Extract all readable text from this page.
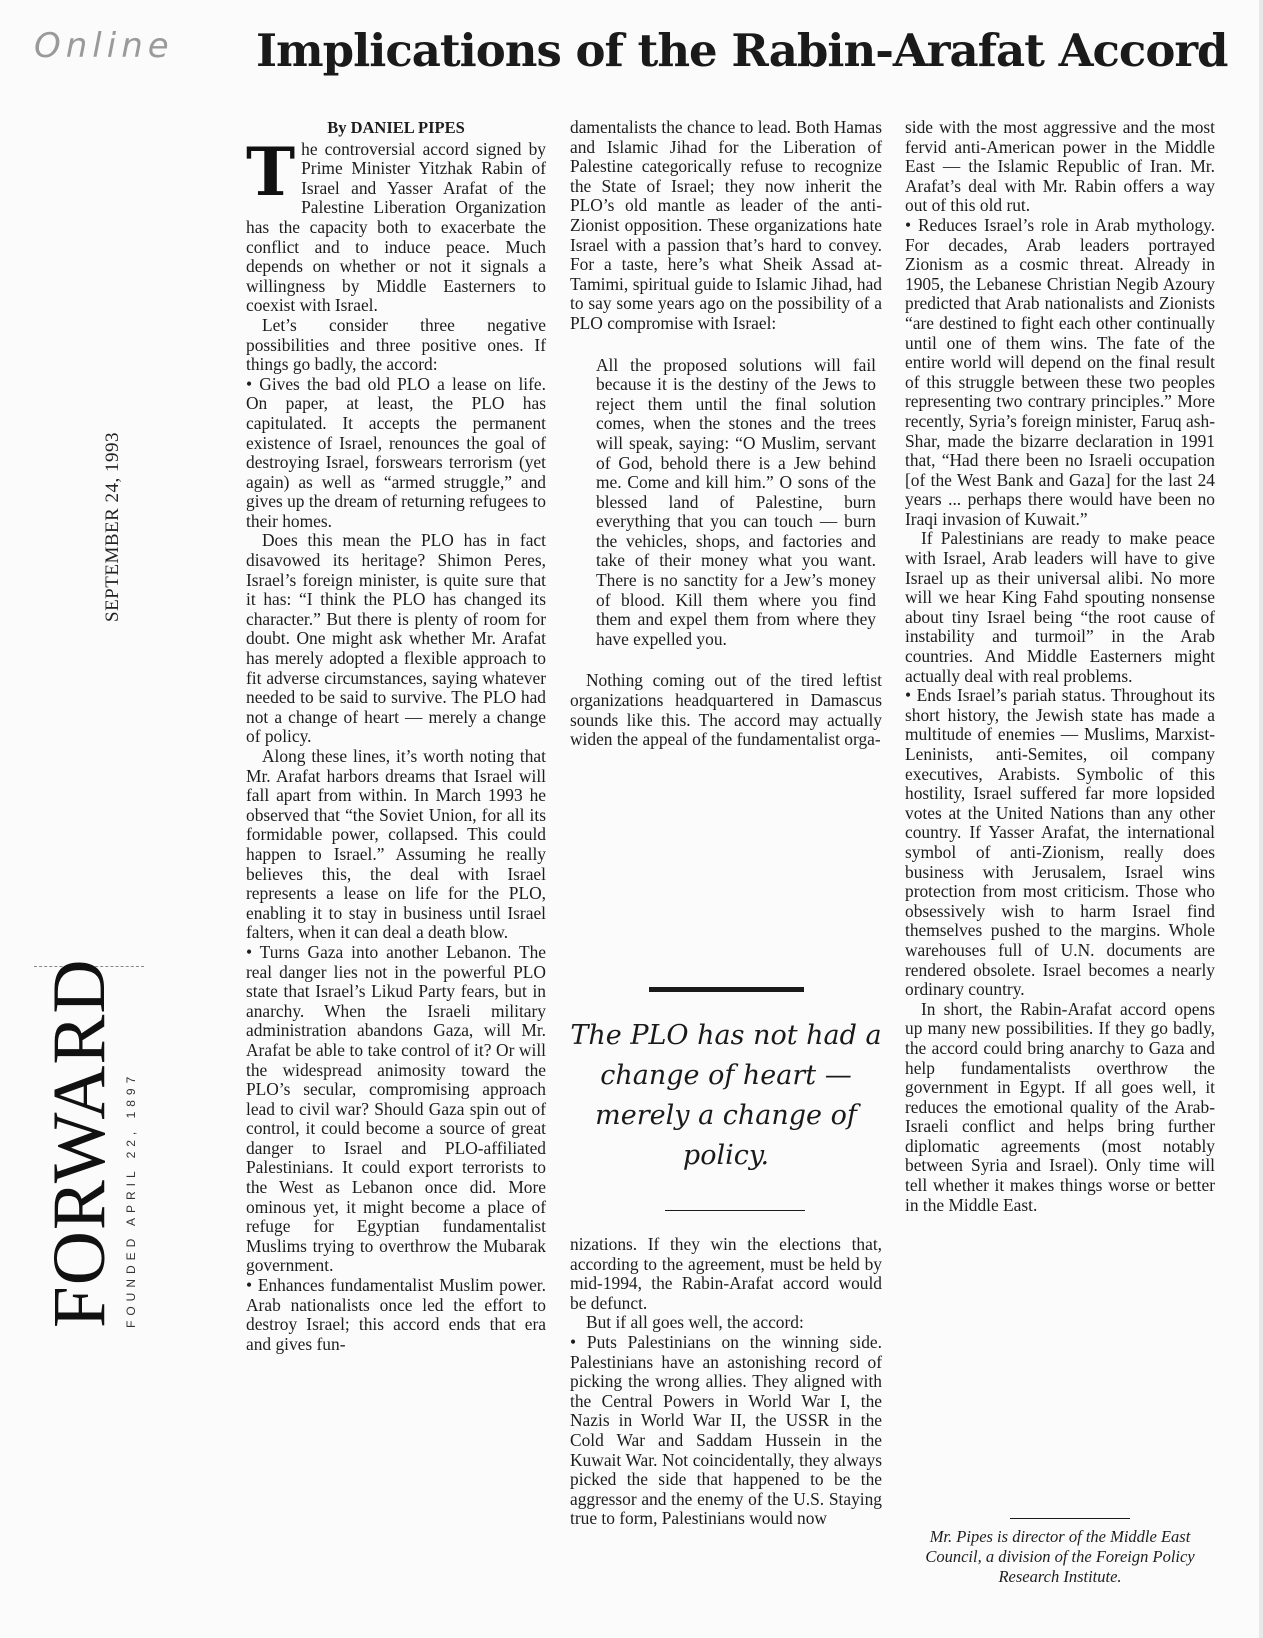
Online Implications of the Rabin-Arafat Accord
SEPTEMBER 24, 1993
FORWARD FOUNDED APRIL 22, 1897
By DANIEL PIPES

The controversial accord signed by Prime Minister Yitzhak Rabin of Israel and Yasser Arafat of the Palestine Liberation Organization has the capacity both to exacerbate the conflict and to induce peace. Much depends on whether or not it signals a willingness by Middle Easterners to coexist with Israel.

Let’s consider three negative possibilities and three positive ones. If things go badly, the accord:

• Gives the bad old PLO a lease on life. On paper, at least, the PLO has capitulated. It accepts the permanent existence of Israel, renounces the goal of destroying Israel, forswears terrorism (yet again) as well as “armed struggle,” and gives up the dream of returning refugees to their homes.

Does this mean the PLO has in fact disavowed its heritage? Shimon Peres, Israel’s foreign minister, is quite sure that it has: “I think the PLO has changed its character.” But there is plenty of room for doubt. One might ask whether Mr. Arafat has merely adopted a flexible approach to fit adverse circumstances, saying whatever needed to be said to survive. The PLO had not a change of heart — merely a change of policy.

Along these lines, it’s worth noting that Mr. Arafat harbors dreams that Israel will fall apart from within. In March 1993 he observed that “the Soviet Union, for all its formidable power, collapsed. This could happen to Israel.” Assuming he really believes this, the deal with Israel represents a lease on life for the PLO, enabling it to stay in business until Israel falters, when it can deal a death blow.

• Turns Gaza into another Lebanon. The real danger lies not in the powerful PLO state that Israel’s Likud Party fears, but in anarchy. When the Israeli military administration abandons Gaza, will Mr. Arafat be able to take control of it? Or will the widespread animosity toward the PLO’s secular, compromising approach lead to civil war? Should Gaza spin out of control, it could become a source of great danger to Israel and PLO-affiliated Palestinians. It could export terrorists to the West as Lebanon once did. More ominous yet, it might become a place of refuge for Egyptian fundamentalist Muslims trying to overthrow the Mubarak government.

• Enhances fundamentalist Muslim power. Arab nationalists once led the effort to destroy Israel; this accord ends that era and gives fun-

damentalists the chance to lead. Both Hamas and Islamic Jihad for the Liberation of Palestine categorically refuse to recognize the State of Israel; they now inherit the PLO’s old mantle as leader of the anti-Zionist opposition. These organizations hate Israel with a passion that’s hard to convey. For a taste, here’s what Sheik Assad at-Tamimi, spiritual guide to Islamic Jihad, had to say some years ago on the possibility of a PLO compromise with Israel:

All the proposed solutions will fail because it is the destiny of the Jews to reject them until the final solution comes, when the stones and the trees will speak, saying: “O Muslim, servant of God, behold there is a Jew behind me. Come and kill him.” O sons of the blessed land of Palestine, burn everything that you can touch — burn the vehicles, shops, and factories and take of their money what you want. There is no sanctity for a Jew’s money of blood. Kill them where you find them and expel them from where they have expelled you.

Nothing coming out of the tired leftist organizations headquartered in Damascus sounds like this. The accord may actually widen the appeal of the fundamentalist orga-

The PLO has not had a change of heart — merely a change of policy.

nizations. If they win the elections that, according to the agreement, must be held by mid-1994, the Rabin-Arafat accord would be defunct.

But if all goes well, the accord:

• Puts Palestinians on the winning side. Palestinians have an astonishing record of picking the wrong allies. They aligned with the Central Powers in World War I, the Nazis in World War II, the USSR in the Cold War and Saddam Hussein in the Kuwait War. Not coincidentally, they always picked the side that happened to be the aggressor and the enemy of the U.S. Staying true to form, Palestinians would now

side with the most aggressive and the most fervid anti-American power in the Middle East — the Islamic Republic of Iran. Mr. Arafat’s deal with Mr. Rabin offers a way out of this old rut.

• Reduces Israel’s role in Arab mythology. For decades, Arab leaders portrayed Zionism as a cosmic threat. Already in 1905, the Lebanese Christian Negib Azoury predicted that Arab nationalists and Zionists “are destined to fight each other continually until one of them wins. The fate of the entire world will depend on the final result of this struggle between these two peoples representing two contrary principles.” More recently, Syria’s foreign minister, Faruq ash-Shar, made the bizarre declaration in 1991 that, “Had there been no Israeli occupation [of the West Bank and Gaza] for the last 24 years ... perhaps there would have been no Iraqi invasion of Kuwait.”

If Palestinians are ready to make peace with Israel, Arab leaders will have to give Israel up as their universal alibi. No more will we hear King Fahd spouting nonsense about tiny Israel being “the root cause of instability and turmoil” in the Arab countries. And Middle Easterners might actually deal with real problems.

• Ends Israel’s pariah status. Throughout its short history, the Jewish state has made a multitude of enemies — Muslims, Marxist-Leninists, anti-Semites, oil company executives, Arabists. Symbolic of this hostility, Israel suffered far more lopsided votes at the United Nations than any other country. If Yasser Arafat, the international symbol of anti-Zionism, really does business with Jerusalem, Israel wins protection from most criticism. Those who obsessively wish to harm Israel find themselves pushed to the margins. Whole warehouses full of U.N. documents are rendered obsolete. Israel becomes a nearly ordinary country.

In short, the Rabin-Arafat accord opens up many new possibilities. If they go badly, the accord could bring anarchy to Gaza and help fundamentalists overthrow the government in Egypt. If all goes well, it reduces the emotional quality of the Arab-Israeli conflict and helps bring further diplomatic agreements (most notably between Syria and Israel). Only time will tell whether it makes things worse or better in the Middle East.

Mr. Pipes is director of the Middle East Council, a division of the Foreign Policy Research Institute.
